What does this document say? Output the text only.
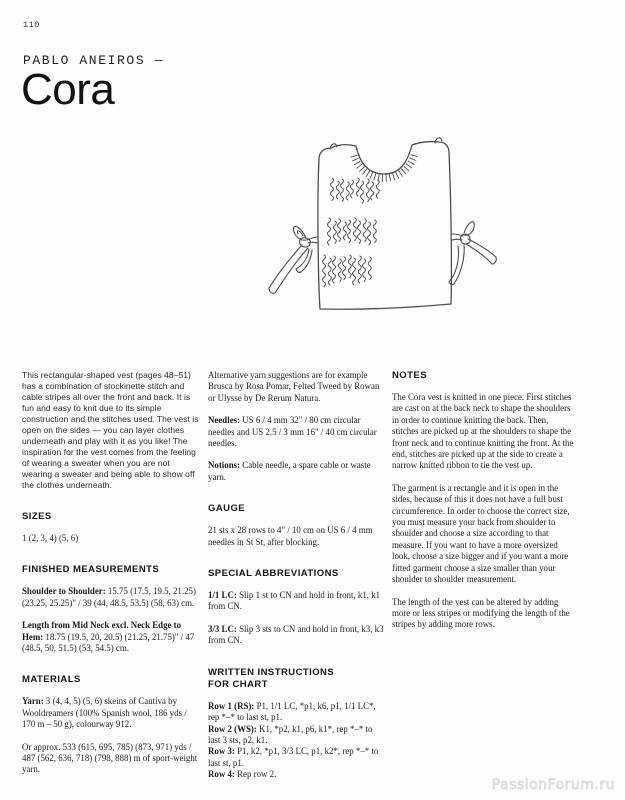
110
PABLO ANEIROS —
Cora

This rectangular-shaped vest (pages 48–51) has a combination of stockinette stitch and cable stripes all over the front and back. It is fun and easy to knit due to its simple construction and the stitches used. The vest is open on the sides — you can layer clothes underneath and play with it as you like! The inspiration for the vest comes from the feeling of wearing a sweater when you are not wearing a sweater and being able to show off the clothes underneath.

SIZES

1 (2, 3, 4) (5, 6)

FINISHED MEASUREMENTS

Shoulder to Shoulder: 15.75 (17.5, 19.5, 21.25) (23.25, 25.25)" / 39 (44, 48.5, 53.5) (58, 63) cm.

Length from Mid Neck excl. Neck Edge to Hem: 18.75 (19.5, 20, 20.5) (21.25, 21.75)" / 47 (48.5, 50, 51.5) (53, 54.5) cm.

MATERIALS

Yarn: 3 (4, 4, 5) (5, 6) skeins of Cautiva by Wooldreamers (100% Spanish wool, 186 yds / 170 m – 50 g), colourway 912.

Or approx. 533 (615, 695, 785) (873, 971) yds / 487 (562, 636, 718) (798, 888) m of sport-weight yarn.

Alternative yarn suggestions are for example Brusca by Rosa Pomar, Felted Tweed by Rowan or Ulysse by De Rerum Natura.

Needles: US 6 / 4 mm 32" / 80 cm circular needles and US 2.5 / 3 mm 16" / 40 cm circular needles.

Notions: Cable needle, a spare cable or waste yarn.

GAUGE

21 sts x 28 rows to 4" / 10 cm on US 6 / 4 mm needles in St St, after blocking.

SPECIAL ABBREVIATIONS

1/1 LC: Slip 1 st to CN and hold in front, k1, k1 from CN.

3/3 LC: Slip 3 sts to CN and hold in front, k3, k3 from CN.

WRITTEN INSTRUCTIONS FOR CHART

Row 1 (RS): P1, 1/1 LC, *p1, k6, p1, 1/1 LC*, rep *–* to last st, p1.

Row 2 (WS): K1, *p2, k1, p6, k1*, rep *–* to last 3 sts, p2, k1.

Row 3: P1, k2, *p1, 3/3 LC, p1, k2*, rep *–* to last st, p1.

Row 4: Rep row 2.

NOTES

The Cora vest is knitted in one piece. First stitches are cast on at the back neck to shape the shoulders in order to continue knitting the back. Then, stitches are picked up at the shoulders to shape the front neck and to continue knitting the front. At the end, stitches are picked up at the side to create a narrow knitted ribbon to tie the vest up.

The garment is a rectangle and it is open in the sides, because of this it does not have a full bust circumference. In order to choose the correct size, you must measure your back from shoulder to shoulder and choose a size according to that measure. If you want to have a more oversized look, choose a size bigger and if you want a more fitted garment choose a size smaller than your shoulder to shoulder measurement.

The length of the vest can be altered by adding more or less stripes or modifying the length of the stripes by adding more rows.

PassionForum.ru
